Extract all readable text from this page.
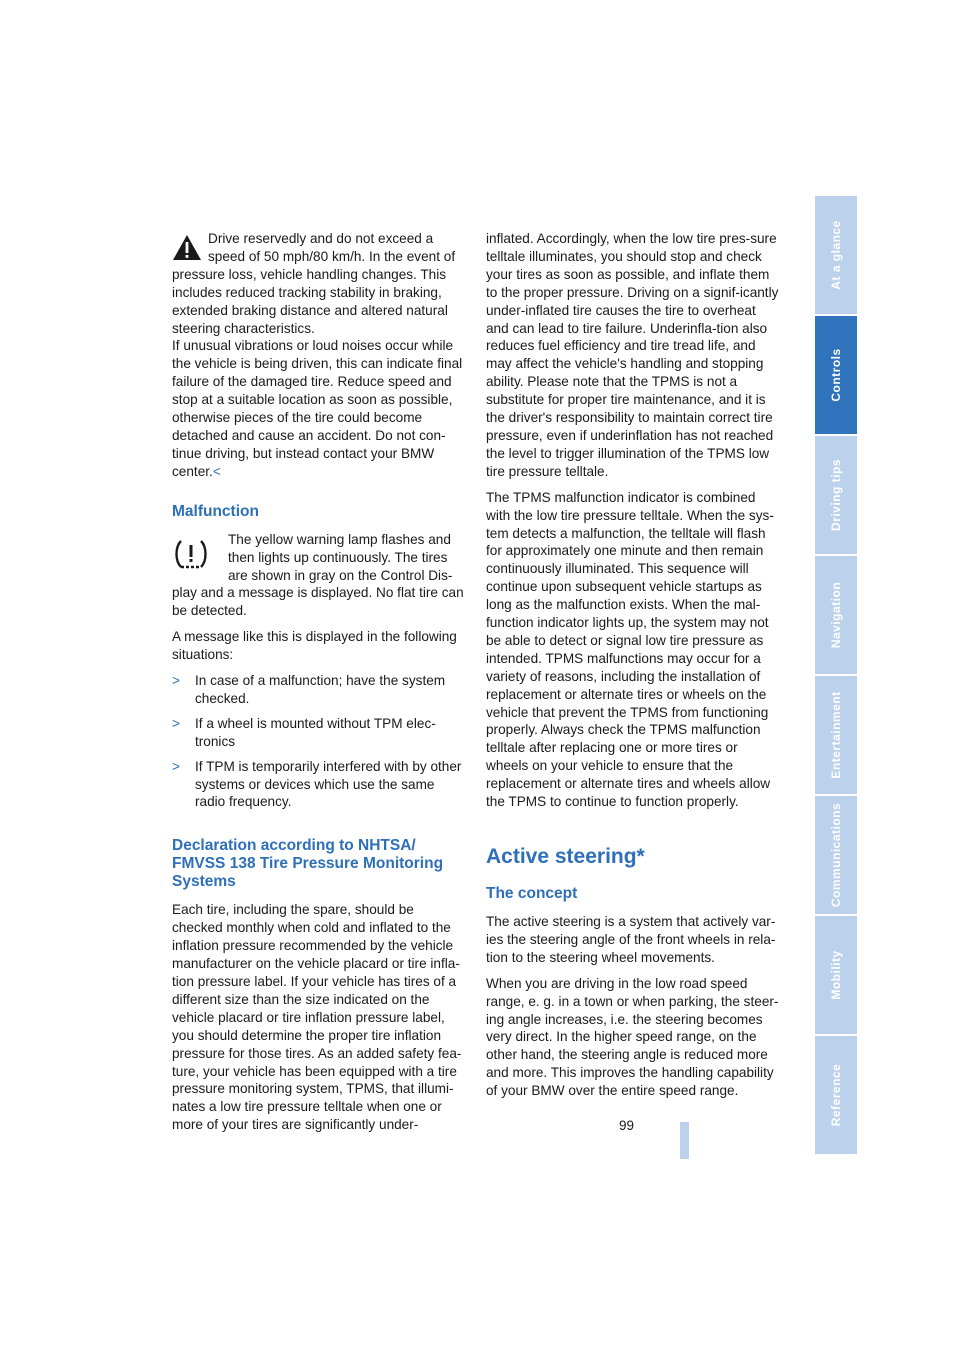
Drive reservedly and do not exceed a
speed of 50 mph/80 km/h. In the event of

pressure loss, vehicle handling changes. This includes reduced tracking stability in braking, extended braking distance and altered natural steering characteristics.

If unusual vibrations or loud noises occur while the vehicle is being driven, this can indicate final failure of the damaged tire. Reduce speed and stop at a suitable location as soon as possible, otherwise pieces of the tire could become detached and cause an accident. Do not con-tinue driving, but instead contact your BMW center.<

Malfunction
The yellow warning lamp flashes and
then lights up continuously. The tires
are shown in gray on the Control Dis-

play and a message is displayed. No flat tire can be detected.

A message like this is displayed in the following situations:

> In case of a malfunction; have the system checked.
> If a wheel is mounted without TPM elec-tronics
> If TPM is temporarily interfered with by other systems or devices which use the same radio frequency.
Declaration according to NHTSA/ FMVSS 138 Tire Pressure Monitoring Systems

Each tire, including the spare, should be checked monthly when cold and inflated to the inflation pressure recommended by the vehicle manufacturer on the vehicle placard or tire infla-tion pressure label. If your vehicle has tires of a different size than the size indicated on the vehicle placard or tire inflation pressure label, you should determine the proper tire inflation pressure for those tires. As an added safety fea-ture, your vehicle has been equipped with a tire pressure monitoring system, TPMS, that illumi-nates a low tire pressure telltale when one or more of your tires are significantly under-

inflated. Accordingly, when the low tire pres-sure telltale illuminates, you should stop and check your tires as soon as possible, and inflate them to the proper pressure. Driving on a signif-icantly under-inflated tire causes the tire to overheat and can lead to tire failure. Underinfla-tion also reduces fuel efficiency and tire tread life, and may affect the vehicle's handling and stopping ability. Please note that the TPMS is not a substitute for proper tire maintenance, and it is the driver's responsibility to maintain correct tire pressure, even if underinflation has not reached the level to trigger illumination of the TPMS low tire pressure telltale.

The TPMS malfunction indicator is combined with the low tire pressure telltale. When the sys-tem detects a malfunction, the telltale will flash for approximately one minute and then remain continuously illuminated. This sequence will continue upon subsequent vehicle startups as long as the malfunction exists. When the mal-function indicator lights up, the system may not be able to detect or signal low tire pressure as intended. TPMS malfunctions may occur for a variety of reasons, including the installation of replacement or alternate tires or wheels on the vehicle that prevent the TPMS from functioning properly. Always check the TPMS malfunction telltale after replacing one or more tires or wheels on your vehicle to ensure that the replacement or alternate tires and wheels allow the TPMS to continue to function properly.

Active steering*
The concept

The active steering is a system that actively var-ies the steering angle of the front wheels in rela-tion to the steering wheel movements.

When you are driving in the low road speed range, e. g. in a town or when parking, the steer-ing angle increases, i.e. the steering becomes very direct. In the higher speed range, on the other hand, the steering angle is reduced more and more. This improves the handling capability of your BMW over the entire speed range.

99
At a glance
Controls
Driving tips
Navigation
Entertainment
Communications
Mobility
Reference
